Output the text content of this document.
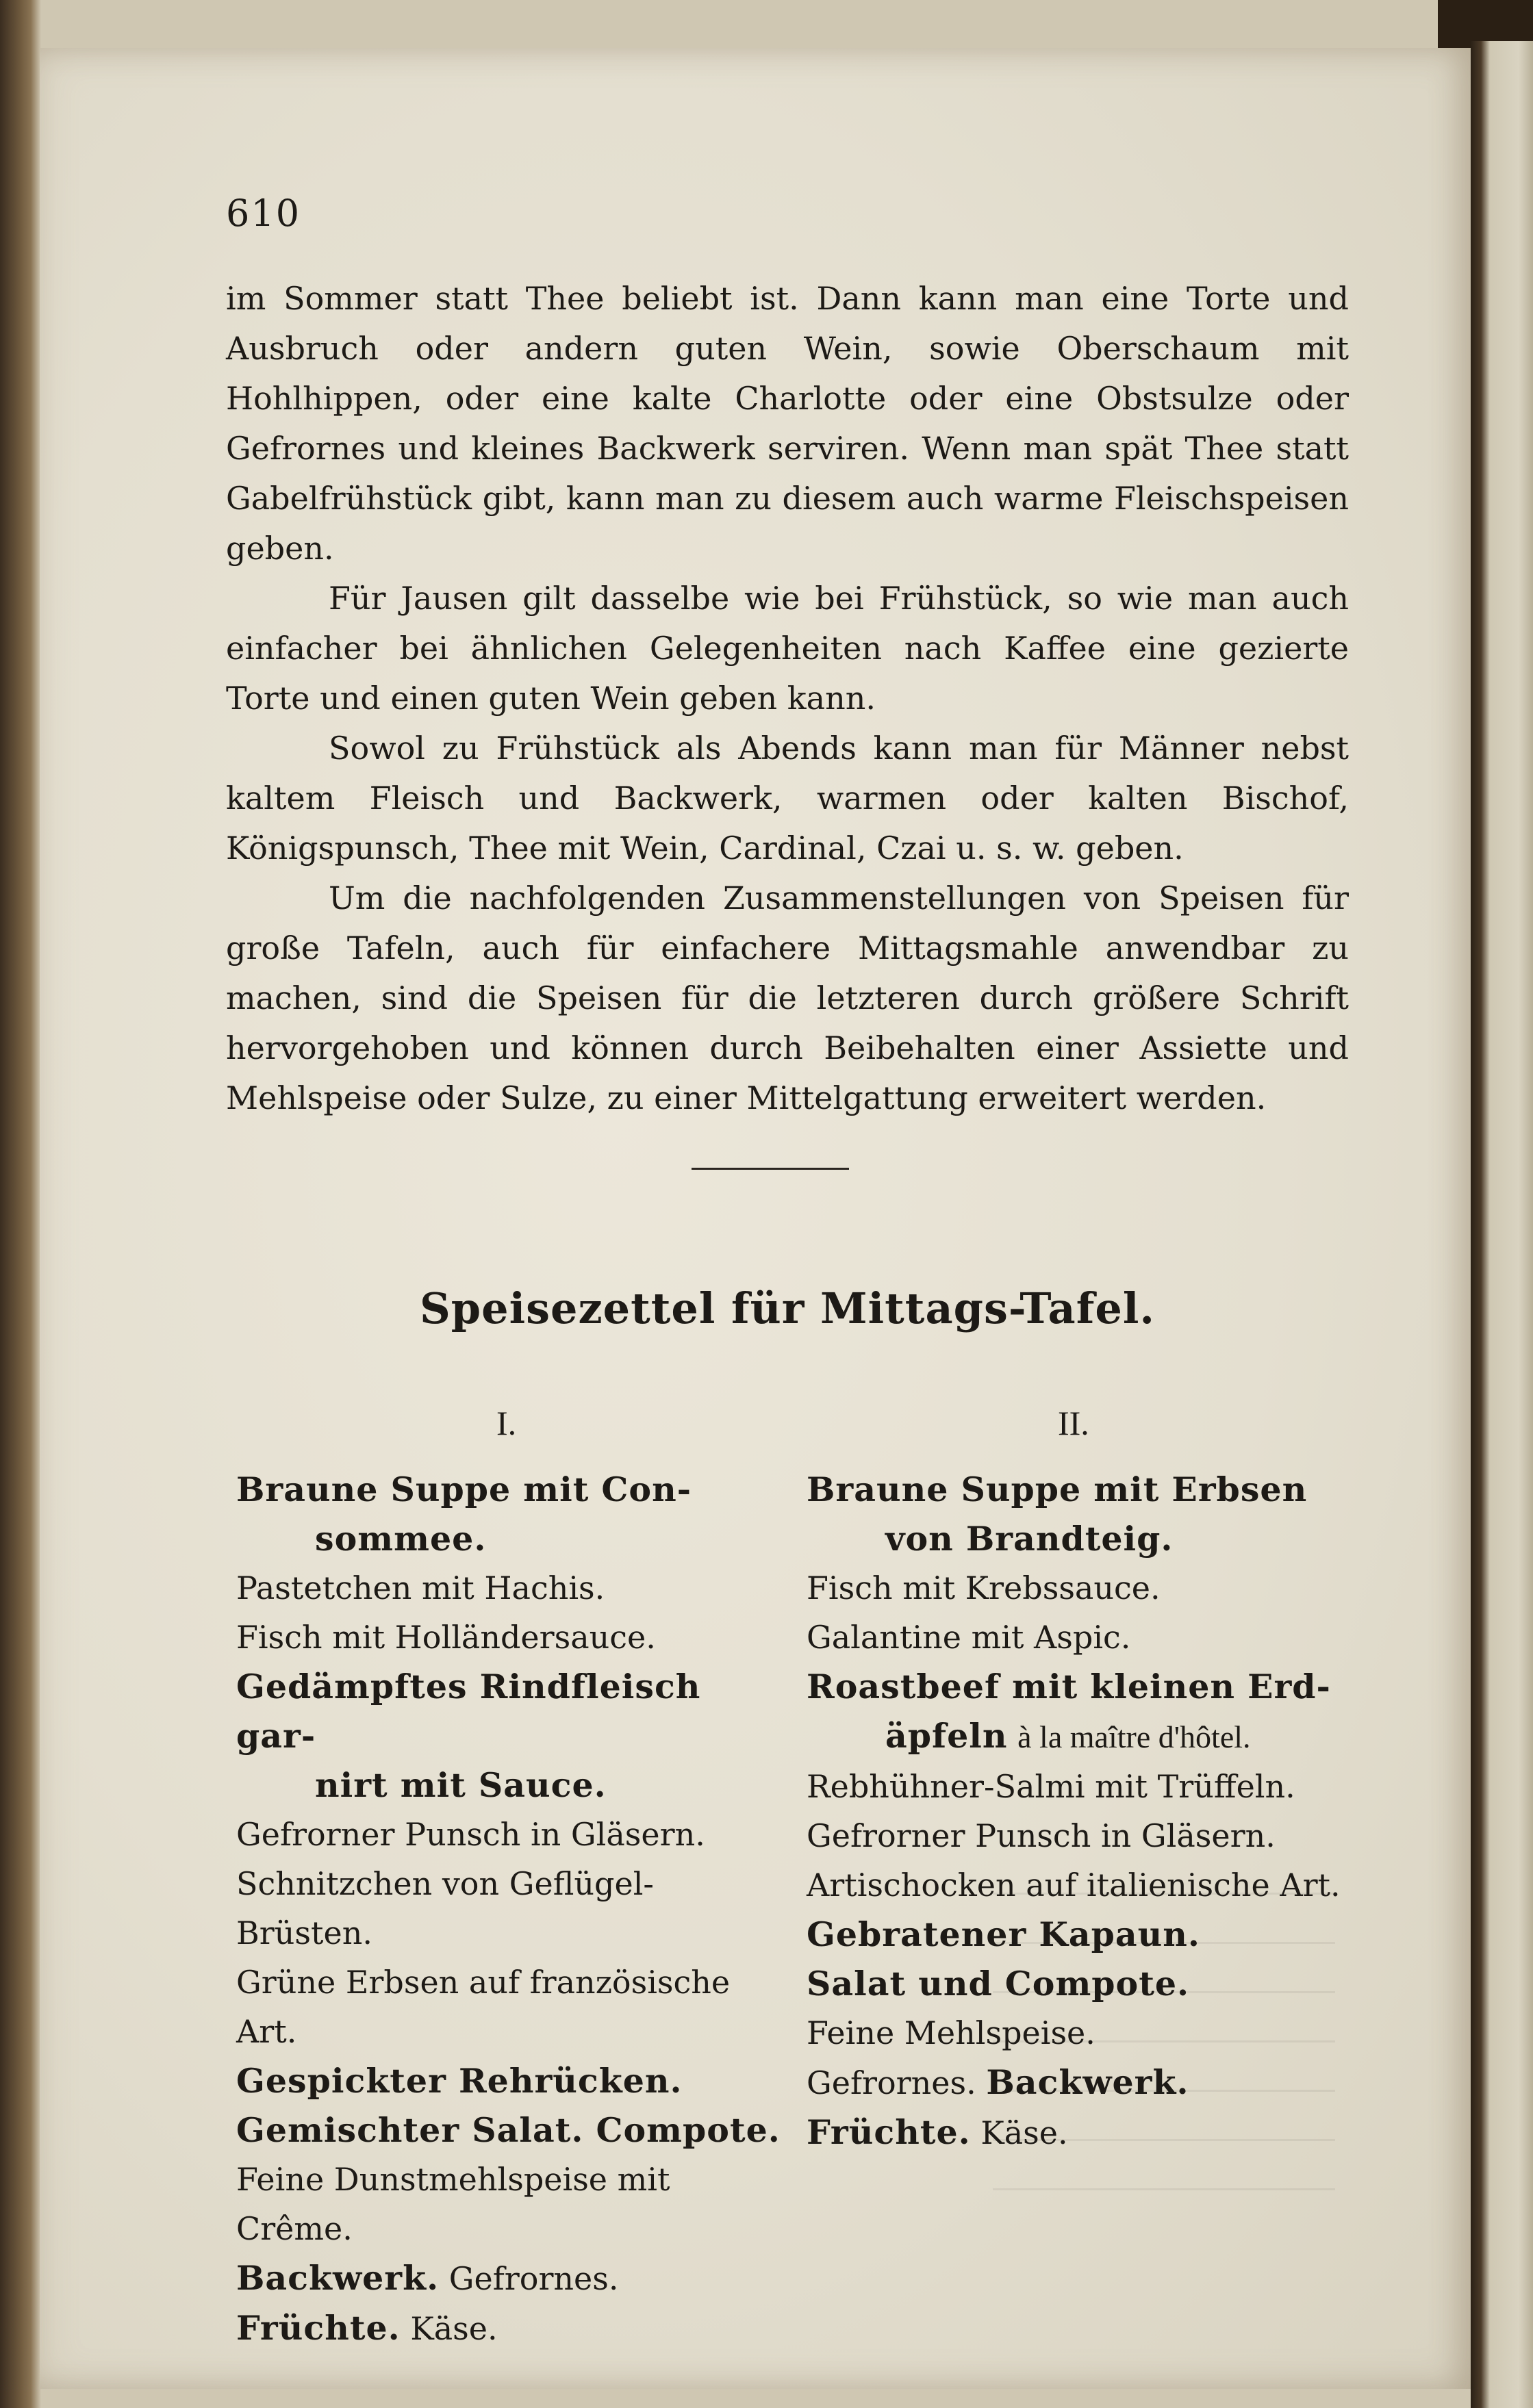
610

im Sommer statt Thee beliebt ist. Dann kann man eine Torte und Ausbruch oder andern guten Wein, sowie Oberschaum mit Hohlhippen, oder eine kalte Charlotte oder eine Obstsulze oder Gefrornes und kleines Backwerk serviren. Wenn man spät Thee statt Gabelfrühstück gibt, kann man zu diesem auch warme Fleischspeisen geben.

Für Jausen gilt dasselbe wie bei Frühstück, so wie man auch einfacher bei ähnlichen Gelegenheiten nach Kaffee eine gezierte Torte und einen guten Wein geben kann.

Sowol zu Frühstück als Abends kann man für Männer nebst kaltem Fleisch und Backwerk, warmen oder kalten Bischof, Königspunsch, Thee mit Wein, Cardinal, Czai u. s. w. geben.

Um die nachfolgenden Zusammenstellungen von Speisen für große Tafeln, auch für einfachere Mittagsmahle anwendbar zu machen, sind die Speisen für die letzteren durch größere Schrift hervorgehoben und können durch Beibehalten einer Assiette und Mehlspeise oder Sulze, zu einer Mittelgattung erweitert werden.

Speisezettel für Mittags-Tafel.
I.	II.
Braune Suppe mit Con-
sommee.
Pastetchen mit Hachis.
Fisch mit Holländersauce.
Gedämpftes Rindfleisch gar-
nirt mit Sauce.
Gefrorner Punsch in Gläsern.
Schnitzchen von Geflügel-Brüsten.
Grüne Erbsen auf französische Art.
Gespickter Rehrücken.
Gemischter Salat. Compote.
Feine Dunstmehlspeise mit Crême.
Backwerk. Gefrornes.
Früchte. Käse.
Braune Suppe mit Erbsen
von Brandteig.
Fisch mit Krebssauce.
Galantine mit Aspic.
Roastbeef mit kleinen Erd-
äpfeln à la maître d'hôtel.
Rebhühner-Salmi mit Trüffeln.
Gefrorner Punsch in Gläsern.
Artischocken auf italienische Art.
Gebratener Kapaun.
Salat und Compote.
Feine Mehlspeise.
Gefrornes. Backwerk.
Früchte. Käse.
